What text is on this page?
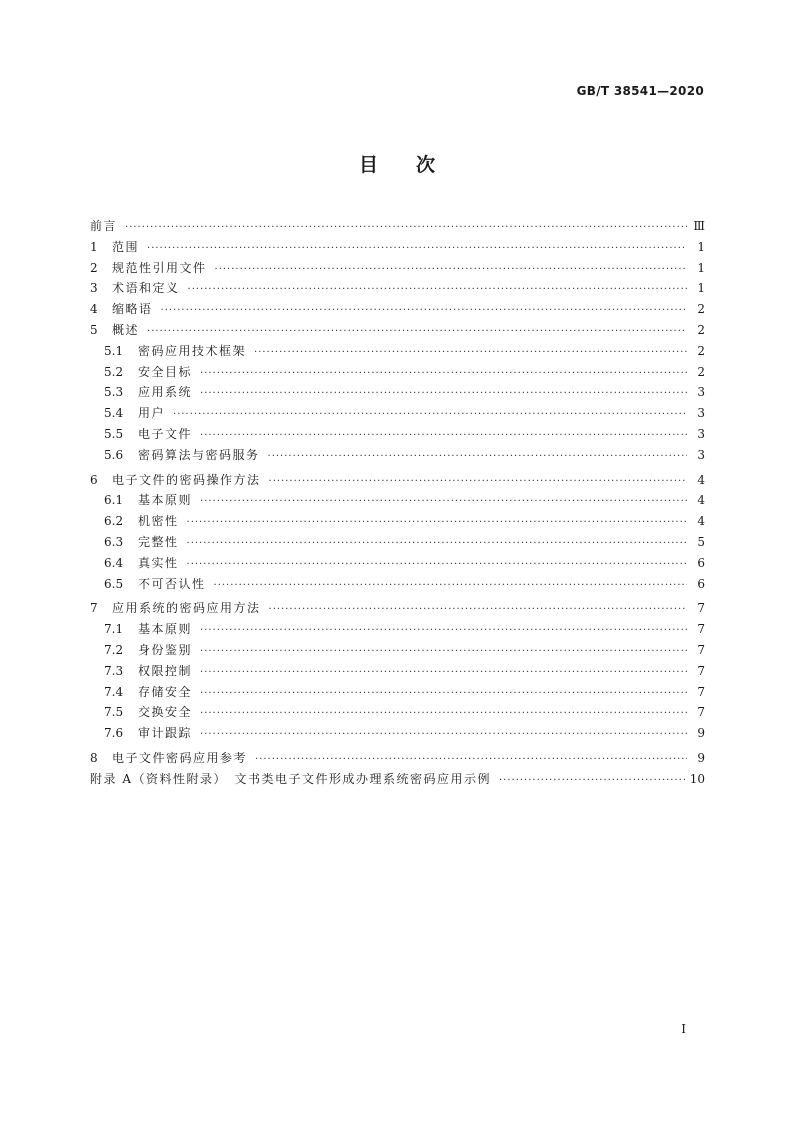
GB/T 38541—2020
目　　次
前言 ·····	Ⅲ
1	范围 ·····	1
2	规范性引用文件 ·····	1
3	术语和定义 ·····	1
4	缩略语 ·····	2
5	概述 ·····	2
5.1	密码应用技术框架 ·····	2
5.2	安全目标 ·····	2
5.3	应用系统 ·····	3
5.4	用户 ·····	3
5.5	电子文件 ·····	3
5.6	密码算法与密码服务 ·····	3
6	电子文件的密码操作方法 ·····	4
6.1	基本原则 ·····	4
6.2	机密性 ·····	4
6.3	完整性 ·····	5
6.4	真实性 ·····	6
6.5	不可否认性 ·····	6
7	应用系统的密码应用方法 ·····	7
7.1	基本原则 ·····	7
7.2	身份鉴别 ·····	7
7.3	权限控制 ·····	7
7.4	存储安全 ·····	7
7.5	交换安全 ·····	7
7.6	审计跟踪 ·····	9
8	电子文件密码应用参考 ·····	9
附录 A（资料性附录）　文书类电子文件形成办理系统密码应用示例 ·····	10
Ⅰ
